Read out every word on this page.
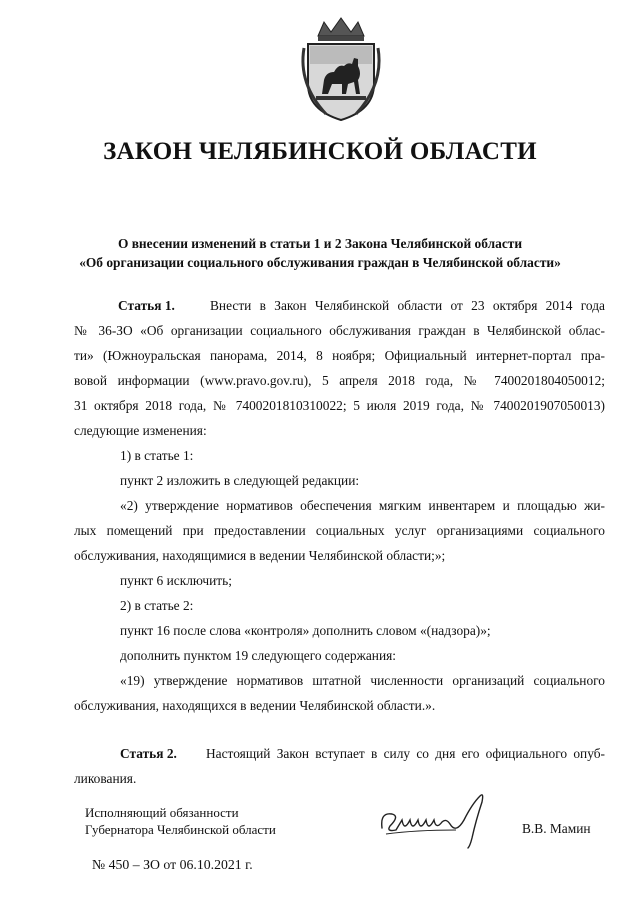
ЗАКОН ЧЕЛЯБИНСКОЙ ОБЛАСТИ
О внесении изменений в статьи 1 и 2 Закона Челябинской области
«Об организации социального обслуживания граждан в Челябинской области»
Статья 1.	Внести в Закон Челябинской области от 23 октября 2014 года
№ 36-ЗО «Об организации социального обслуживания граждан в Челябинской облас-
ти» (Южноуральская панорама, 2014, 8 ноября; Официальный интернет-портал пра-
вовой информации (www.pravo.gov.ru), 5 апреля 2018 года, № 7400201804050012;
31 октября 2018 года, № 7400201810310022; 5 июля 2019 года, № 7400201907050013)
следующие изменения:
1) в статье 1:
пункт 2 изложить в следующей редакции:
«2) утверждение нормативов обеспечения мягким инвентарем и площадью жи-
лых помещений при предоставлении социальных услуг организациями социального
обслуживания, находящимися в ведении Челябинской области;»;
пункт 6 исключить;
2) в статье 2:
пункт 16 после слова «контроля» дополнить словом «(надзора)»;
дополнить пунктом 19 следующего содержания:
«19) утверждение нормативов штатной численности организаций социального
обслуживания, находящихся в ведении Челябинской области.».
Статья 2. Настоящий Закон вступает в силу со дня его официального опуб-
ликования.
Исполняющий обязанности
Губернатора Челябинской области	В.В. Мамин
№ 450 – ЗО от 06.10.2021 г.
